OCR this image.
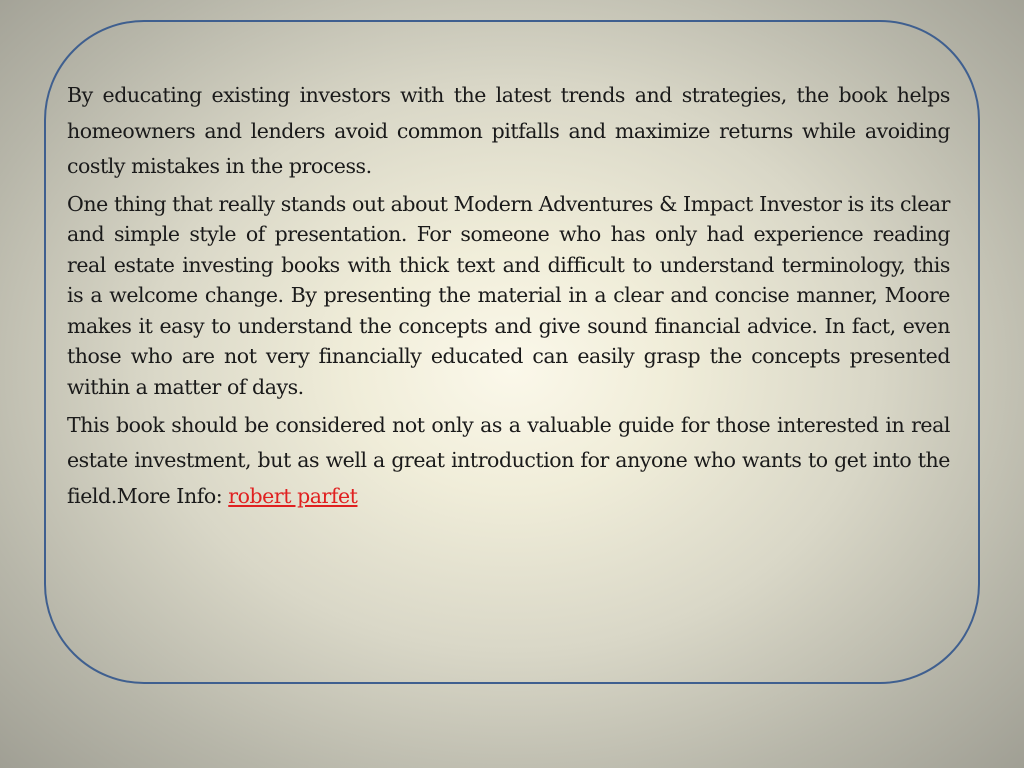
By educating existing investors with the latest trends and strategies, the book helps homeowners and lenders avoid common pitfalls and maximize returns while avoiding costly mistakes in the process.

One thing that really stands out about Modern Adventures & Impact Investor is its clear and simple style of presentation. For someone who has only had experience reading real estate investing books with thick text and difficult to understand terminology, this is a welcome change. By presenting the material in a clear and concise manner, Moore makes it easy to understand the concepts and give sound financial advice. In fact, even those who are not very financially educated can easily grasp the concepts presented within a matter of days.

This book should be considered not only as a valuable guide for those interested in real estate investment, but as well a great introduction for anyone who wants to get into the field.More Info: robert parfet
